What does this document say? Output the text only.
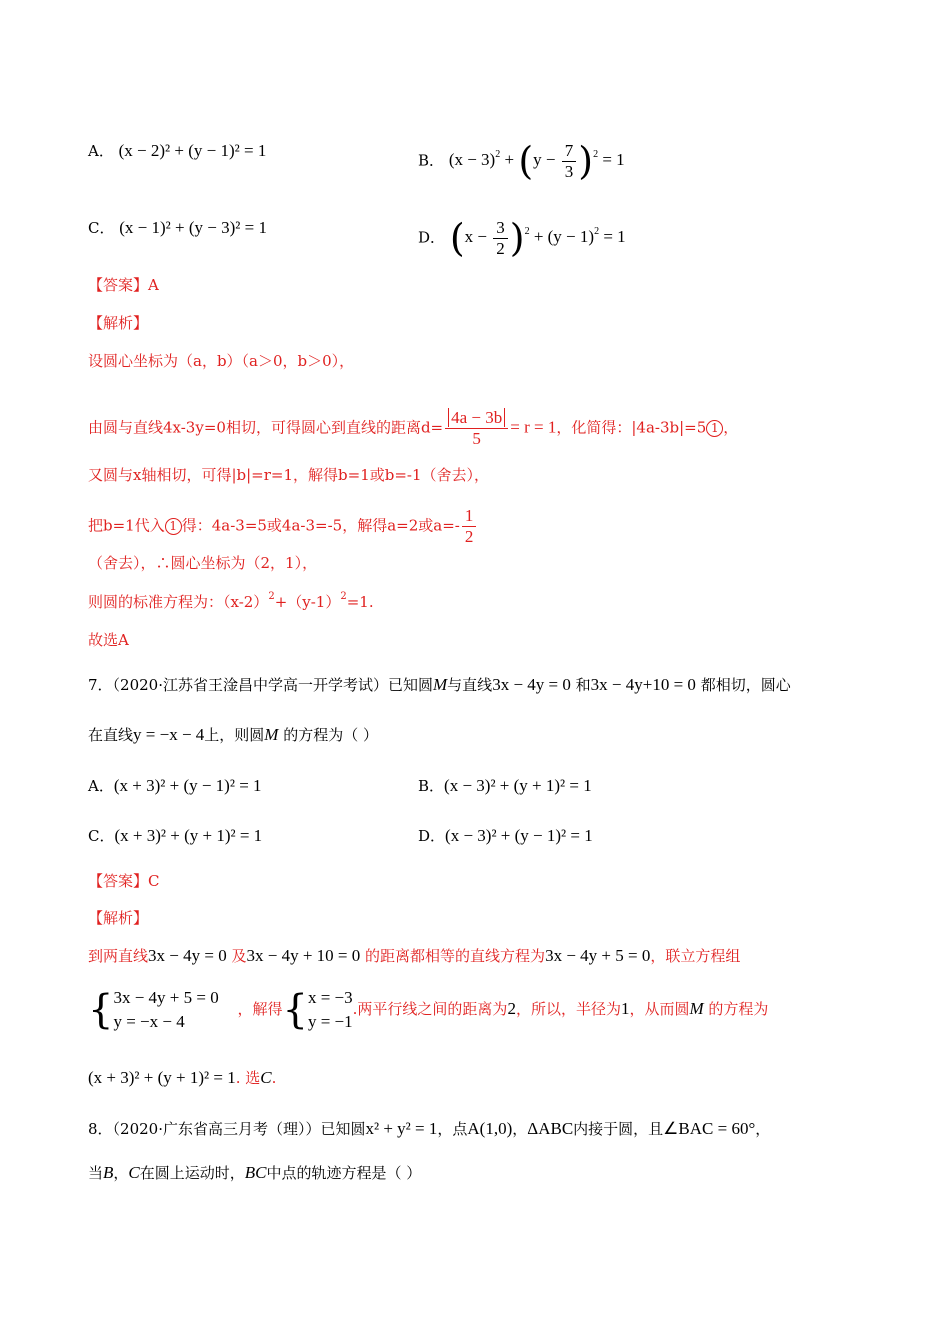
A． (x − 2)² + (y − 1)² = 1
B． $(x - 3)^2 + (y - \frac{7}{3} )^2 = 1$
C． (x − 1)² + (y − 3)² = 1
D． $(x - \frac{3}{2} )^2 + (y - 1)^2 = 1$
【答案】A
【解析】
设圆心坐标为（a，b）（a＞0，b＞0），
由圆与直线4x-3y=0相切，可得圆心到直线的距离$d= \frac{4a - 3b}{5} = r = 1$，化简得：|4a-3b|=5 1 ，
又圆与x轴相切，可得|b|=r=1，解得b=1或b=-1（舍去），
把b=1代入 1 得：4a-3=5或4a-3=-5，解得a=2或$a=- \frac{1}{2}$
（舍去），∴圆心坐标为（2，1），
则圆的标准方程为：$(x-2)^2+(y-1)^2=1$.
故选A
7．（2020·江苏省王淦昌中学高一开学考试）已知圆M与直线3x − 4y = 0 和3x − 4y+10 = 0 都相切，圆心
在直线y = −x − 4上，则圆M 的方程为（ ）
A．(x + 3)² + (y − 1)² = 1	B．(x − 3)² + (y + 1)² = 1
C．(x + 3)² + (y + 1)² = 1	D．(x − 3)² + (y − 1)² = 1
【答案】C
【解析】
到两直线3x − 4y = 0 及3x − 4y + 10 = 0 的距离都相等的直线方程为3x − 4y + 5 = 0，联立方程组
{ 3x − 4y + 5 = 0
y = −x − 4
，解得{ x = −3
y = −1
.两平行线之间的距离为2，所以，半径为1，从而圆M 的方程为
(x + 3)² + (y + 1)² = 1. 选C.
8．（2020·广东省高三月考（理））已知圆x² + y² = 1，点A(1,0)，ΔABC内接于圆，且∠BAC = 60°，
当B，C在圆上运动时，BC中点的轨迹方程是（ ）
